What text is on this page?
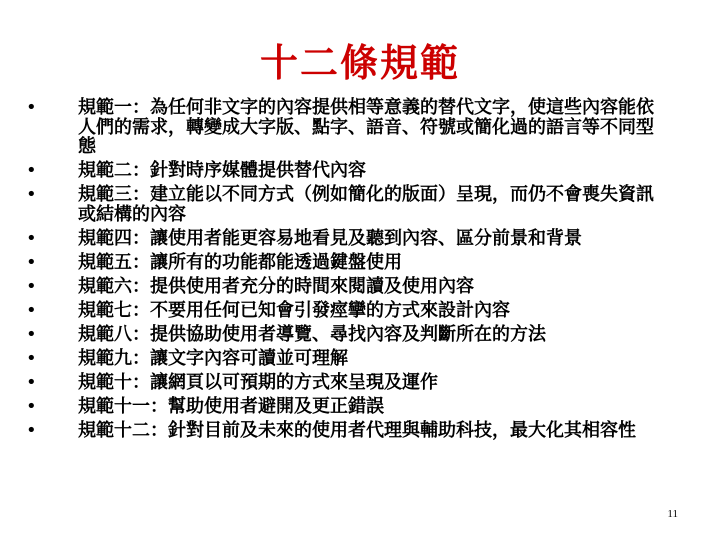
十二條規範
•	規範一：為任何非文字的內容提供相等意義的替代文字，使這些內容能依人們的需求，轉變成大字版、點字、語音、符號或簡化過的語言等不同型態
•	規範二：針對時序媒體提供替代內容
•	規範三：建立能以不同方式（例如簡化的版面）呈現，而仍不會喪失資訊或結構的內容
•	規範四：讓使用者能更容易地看見及聽到內容、區分前景和背景
•	規範五：讓所有的功能都能透過鍵盤使用
•	規範六：提供使用者充分的時間來閱讀及使用內容
•	規範七：不要用任何已知會引發痙攣的方式來設計內容
•	規範八：提供協助使用者導覽、尋找內容及判斷所在的方法
•	規範九：讓文字內容可讀並可理解
•	規範十：讓網頁以可預期的方式來呈現及運作
•	規範十一：幫助使用者避開及更正錯誤
•	規範十二：針對目前及未來的使用者代理與輔助科技，最大化其相容性
11
